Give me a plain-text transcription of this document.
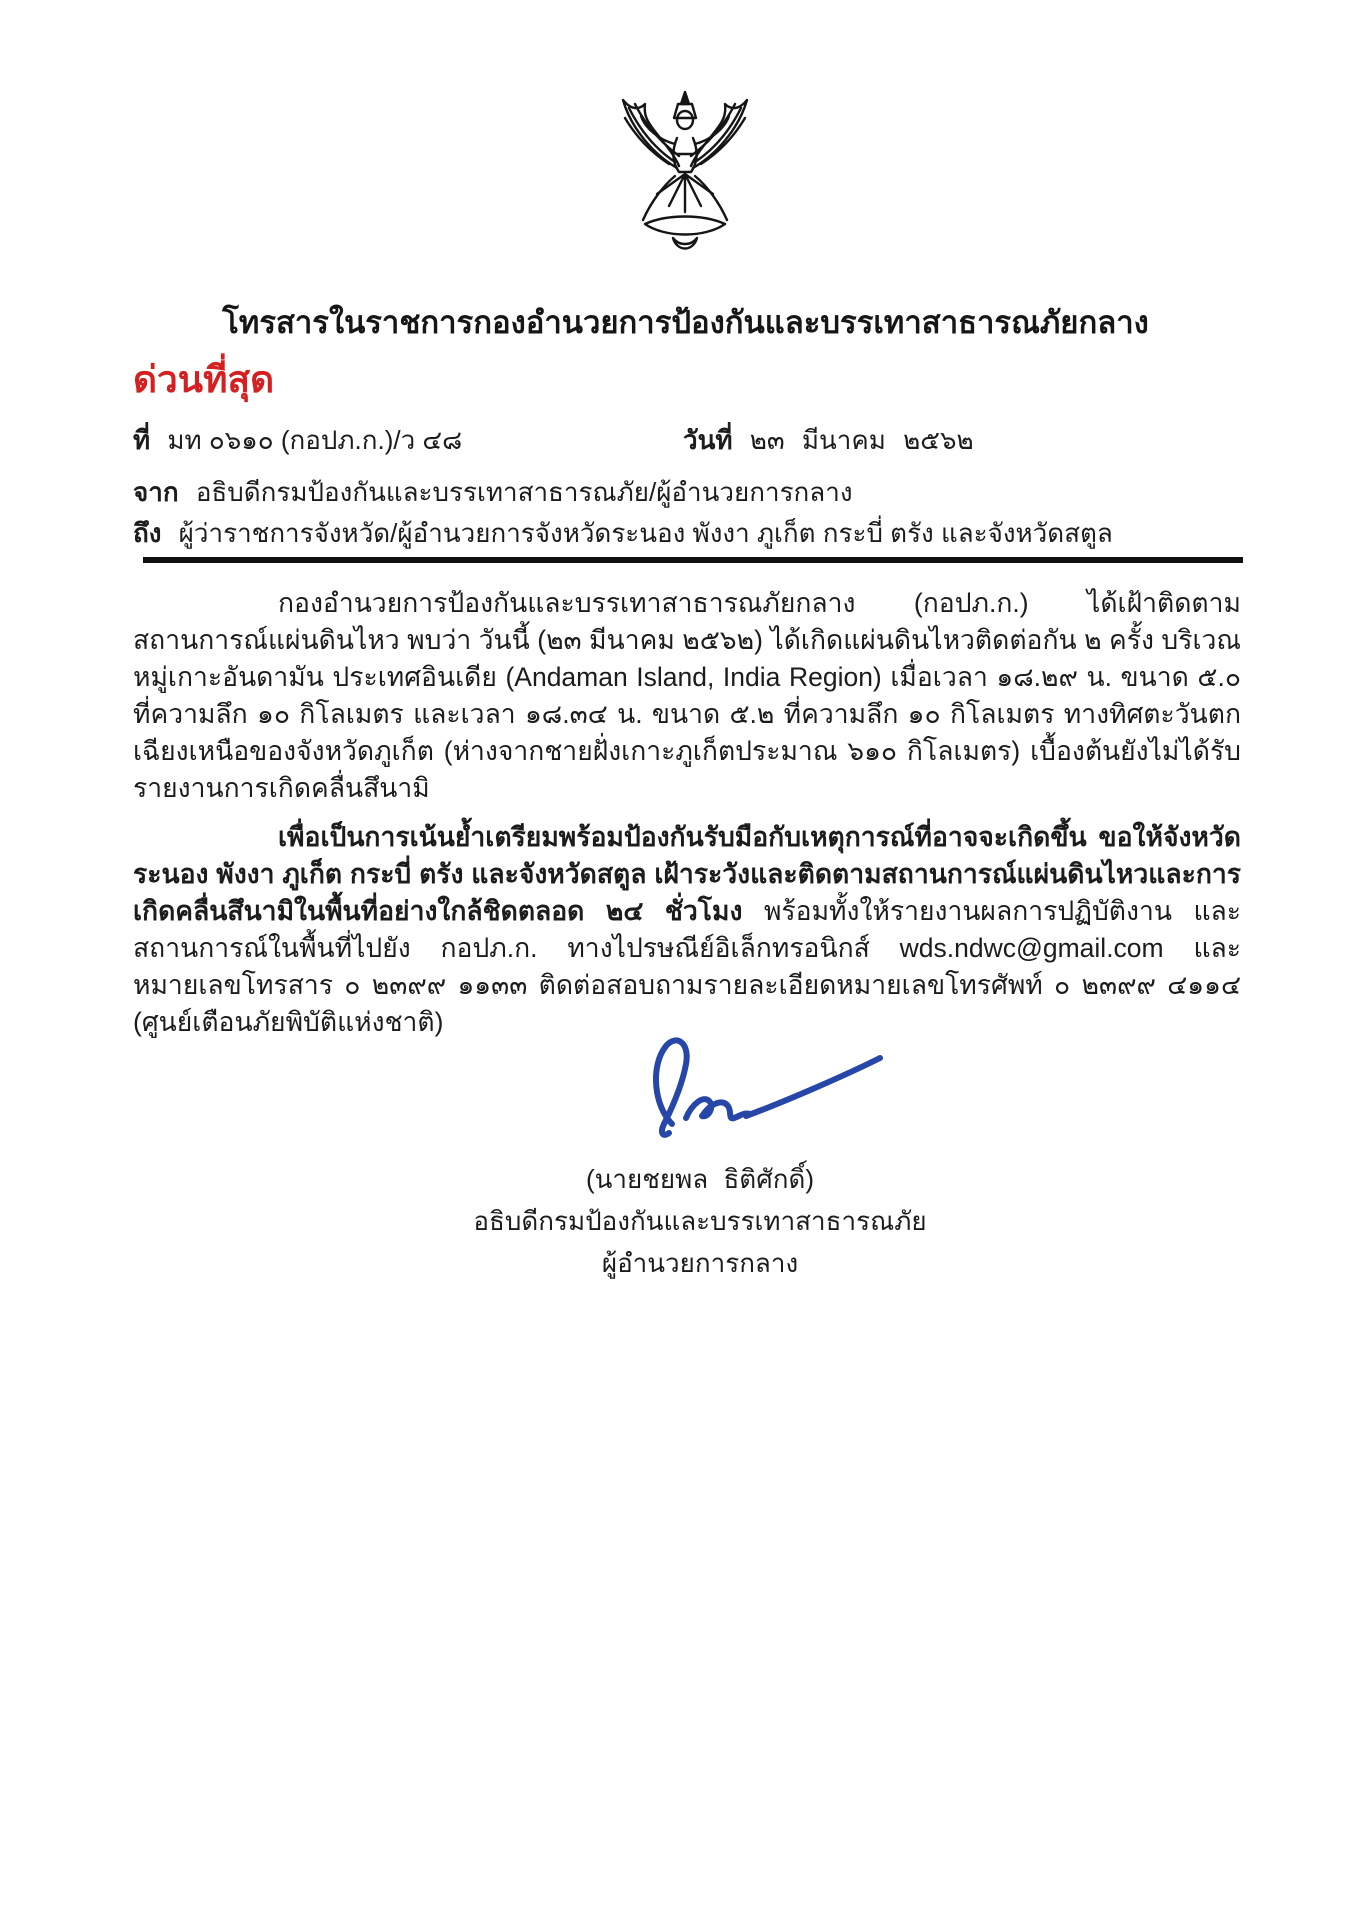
โทรสารในราชการกองอำนวยการป้องกันและบรรเทาสาธารณภัยกลาง
ด่วนที่สุด
ที่ มท ๐๖๑๐ (กอปภ.ก.)/ว ๔๘	วันที่ ๒๓ มีนาคม ๒๕๖๒
จาก อธิบดีกรมป้องกันและบรรเทาสาธารณภัย/ผู้อำนวยการกลาง
ถึง ผู้ว่าราชการจังหวัด/ผู้อำนวยการจังหวัดระนอง พังงา ภูเก็ต กระบี่ ตรัง และจังหวัดสตูล

กองอำนวยการป้องกันและบรรเทาสาธารณภัยกลาง (กอปภ.ก.) ได้เฝ้าติดตามสถานการณ์แผ่นดินไหว พบว่า วันนี้ (๒๓ มีนาคม ๒๕๖๒) ได้เกิดแผ่นดินไหวติดต่อกัน ๒ ครั้ง บริเวณหมู่เกาะอันดามัน ประเทศอินเดีย (Andaman Island, India Region) เมื่อเวลา ๑๘.๒๙ น. ขนาด ๕.๐ ที่ความลึก ๑๐ กิโลเมตร และเวลา ๑๘.๓๔ น. ขนาด ๕.๒ ที่ความลึก ๑๐ กิโลเมตร ทางทิศตะวันตกเฉียงเหนือของจังหวัดภูเก็ต (ห่างจากชายฝั่งเกาะภูเก็ตประมาณ ๖๑๐ กิโลเมตร) เบื้องต้นยังไม่ได้รับรายงานการเกิดคลื่นสึนามิ

เพื่อเป็นการเน้นย้ำเตรียมพร้อมป้องกันรับมือกับเหตุการณ์ที่อาจจะเกิดขึ้น ขอให้จังหวัดระนอง พังงา ภูเก็ต กระบี่ ตรัง และจังหวัดสตูล เฝ้าระวังและติดตามสถานการณ์แผ่นดินไหวและการเกิดคลื่นสึนามิในพื้นที่อย่างใกล้ชิดตลอด ๒๔ ชั่วโมง พร้อมทั้งให้รายงานผลการปฏิบัติงาน และสถานการณ์ในพื้นที่ไปยัง กอปภ.ก. ทางไปรษณีย์อิเล็กทรอนิกส์ wds.ndwc@gmail.com และหมายเลขโทรสาร ๐ ๒๓๙๙ ๑๑๓๓ ติดต่อสอบถามรายละเอียดหมายเลขโทรศัพท์ ๐ ๒๓๙๙ ๔๑๑๔ (ศูนย์เตือนภัยพิบัติแห่งชาติ)

(นายชยพล ธิติศักดิ์)
อธิบดีกรมป้องกันและบรรเทาสาธารณภัย
ผู้อำนวยการกลาง
